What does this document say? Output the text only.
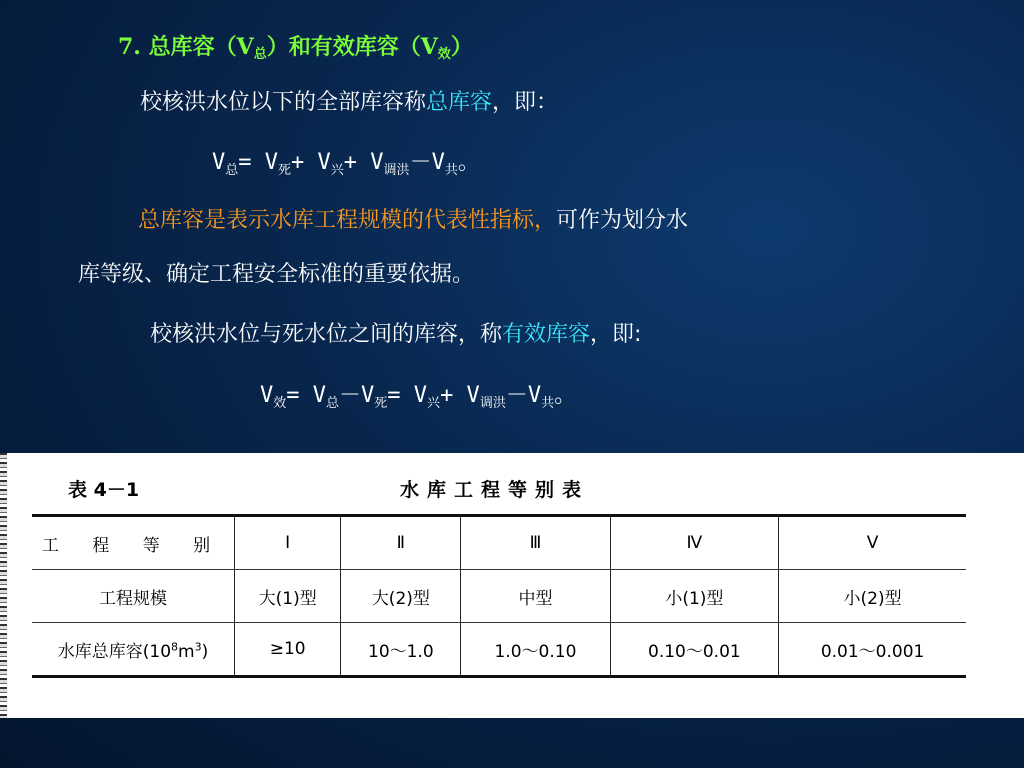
7. 总库容$(V_总)$和有效库容$(V_效)$
校核洪水位以下的全部库容称总库容，即：
$V_总= V_死+ V_兴+ V_{调洪}-V_共$。
总库容是表示水库工程规模的代表性指标，可作为划分水
库等级、确定工程安全标准的重要依据。
校核洪水位与死水位之间的库容，称有效库容，即:
$V_效= V_总-V_死= V_兴+ V_{调洪}-V_共$。
表 4－1	水库工程等别表
工 程 等 别	Ⅰ	Ⅱ	Ⅲ	Ⅳ	Ⅴ
工程规模	大(1)型	大(2)型	中型	小(1)型	小(2)型
水库总库容$(10^8m^3)$	≥10	10～1.0	1.0～0.10	0.10～0.01	0.01～0.001
